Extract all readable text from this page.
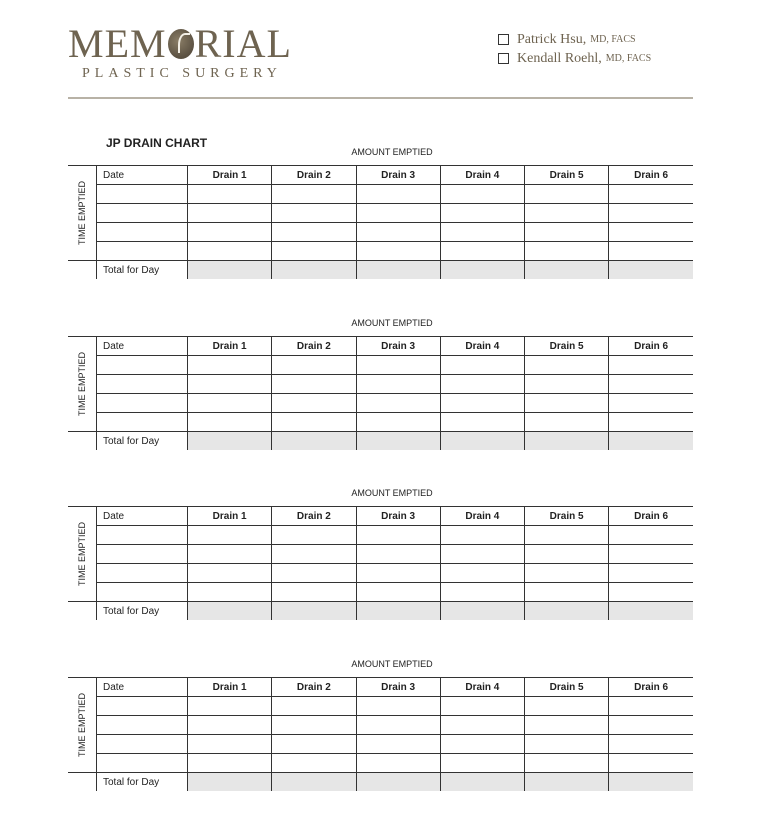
MEM RIAL
PLASTIC SURGERY
Patrick Hsu, MD, FACS
Kendall Roehl, MD, FACS
JP DRAIN CHART
AMOUNT EMPTIED
TIME EMPTIED	Date	Drain 1	Drain 2	Drain 3	Drain 4	Drain 5	Drain 6

	Total for Day						
AMOUNT EMPTIED
TIME EMPTIED	Date	Drain 1	Drain 2	Drain 3	Drain 4	Drain 5	Drain 6

	Total for Day						
AMOUNT EMPTIED
TIME EMPTIED	Date	Drain 1	Drain 2	Drain 3	Drain 4	Drain 5	Drain 6

	Total for Day						
AMOUNT EMPTIED
TIME EMPTIED	Date	Drain 1	Drain 2	Drain 3	Drain 4	Drain 5	Drain 6

	Total for Day						
